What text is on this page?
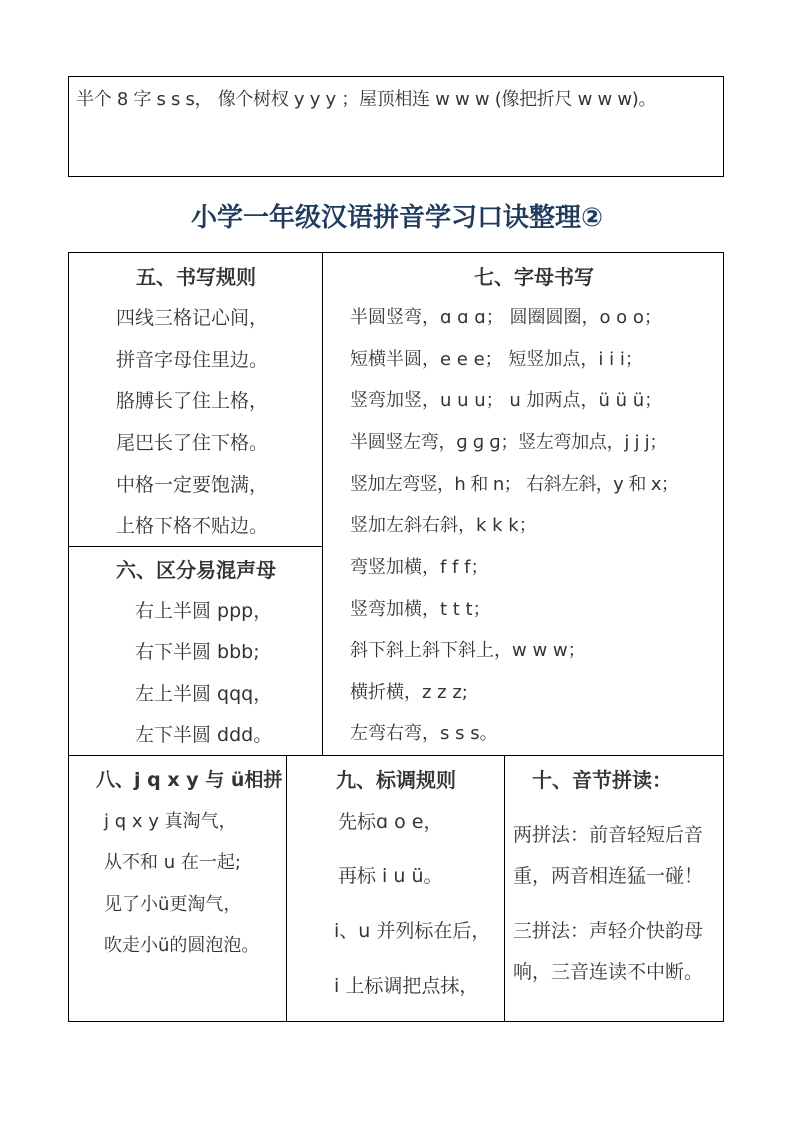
半个 8 字 s s s， 像个树杈 y y y ；屋顶相连 w w w (像把折尺 w w w)。
小学一年级汉语拼音学习口诀整理②
五、书写规则
四线三格记心间，
拼音字母住里边。
胳膊长了住上格，
尾巴长了住下格。
中格一定要饱满，
上格下格不贴边。
六、区分易混声母
右上半圆 ppp，
右下半圆 bbb;
左上半圆 qqq，
左下半圆 ddd。
七、字母书写
半圆竖弯，ɑ ɑ ɑ； 圆圈圆圈，o o o；
短横半圆，e e e； 短竖加点，i i i；
竖弯加竖，u u u； u 加两点，ü ü ü；
半圆竖左弯，ɡ ɡ ɡ；竖左弯加点，j j j；
竖加左弯竖，h 和 n； 右斜左斜，y 和 x；
竖加左斜右斜，k k k；
弯竖加横，f f f；
竖弯加横，t t t；
斜下斜上斜下斜上，w w w；
横折横，z z z;
左弯右弯，s s s。
八、j q x y 与 ü相拼
j q x y 真淘气，
从不和 u 在一起;
见了小ü更淘气，
吹走小ü的圆泡泡。
九、标调规则
先标ɑ o e，
再标 i u ü。
i、u 并列标在后，
i 上标调把点抹，
十、音节拼读：
两拼法：前音轻短后音
重，两音相连猛一碰！
三拼法：声轻介快韵母
响，三音连读不中断。
